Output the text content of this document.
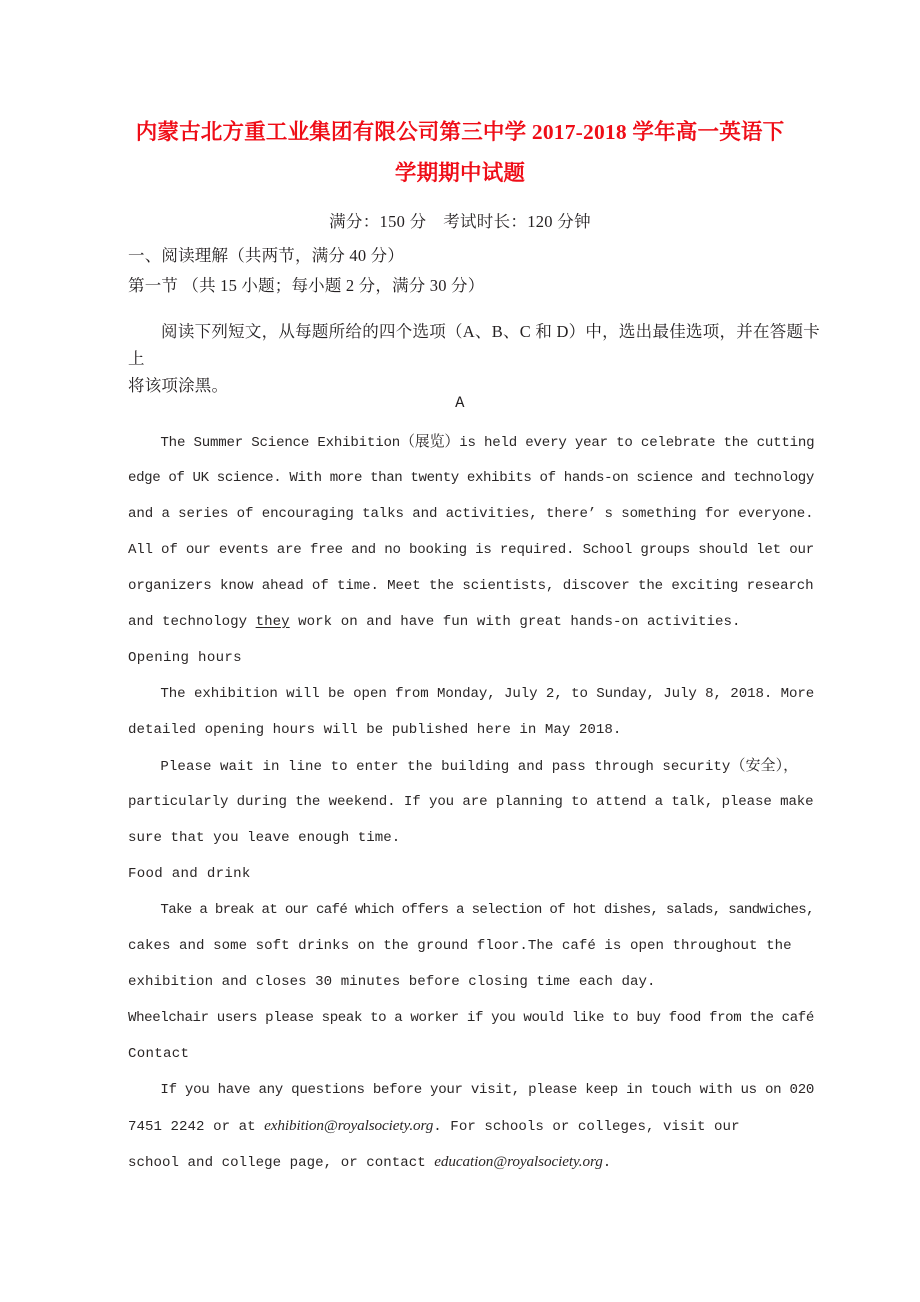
内蒙古北方重工业集团有限公司第三中学 2017-2018 学年高一英语下
学期期中试题
满分：150 分　考试时长：120 分钟
一、阅读理解（共两节，满分 40 分）
第一节 （共 15 小题；每小题 2 分，满分 30 分）
阅读下列短文，从每题所给的四个选项（A、B、C 和 D）中，选出最佳选项，并在答题卡上
将该项涂黑。
A
The Summer Science Exhibition（展览）is held every year to celebrate the cutting
edge of UK science. With more than twenty exhibits of hands-on science and technology
and a series of encouraging talks and activities, there’ s something for everyone.
All of our events are free and no booking is required. School groups should let our
organizers know ahead of time. Meet the scientists, discover the exciting research
and technology they work on and have fun with great hands-on activities.
Opening hours
The exhibition will be open from Monday, July 2, to Sunday, July 8, 2018. More
detailed opening hours will be published here in May 2018.
Please wait in line to enter the building and pass through security（安全），
particularly during the weekend. If you are planning to attend a talk, please make
sure that you leave enough time.
Food and drink
Take a break at our café which offers a selection of hot dishes, salads, sandwiches,
cakes and some soft drinks on the ground floor.The café is open throughout the
exhibition and closes 30 minutes before closing time each day.
Wheelchair users please speak to a worker if you would like to buy food from the café
Contact
If you have any questions before your visit, please keep in touch with us on 020
7451 2242 or at exhibition@royalsociety.org. For schools or colleges, visit our
school and college page, or contact education@royalsociety.org.
